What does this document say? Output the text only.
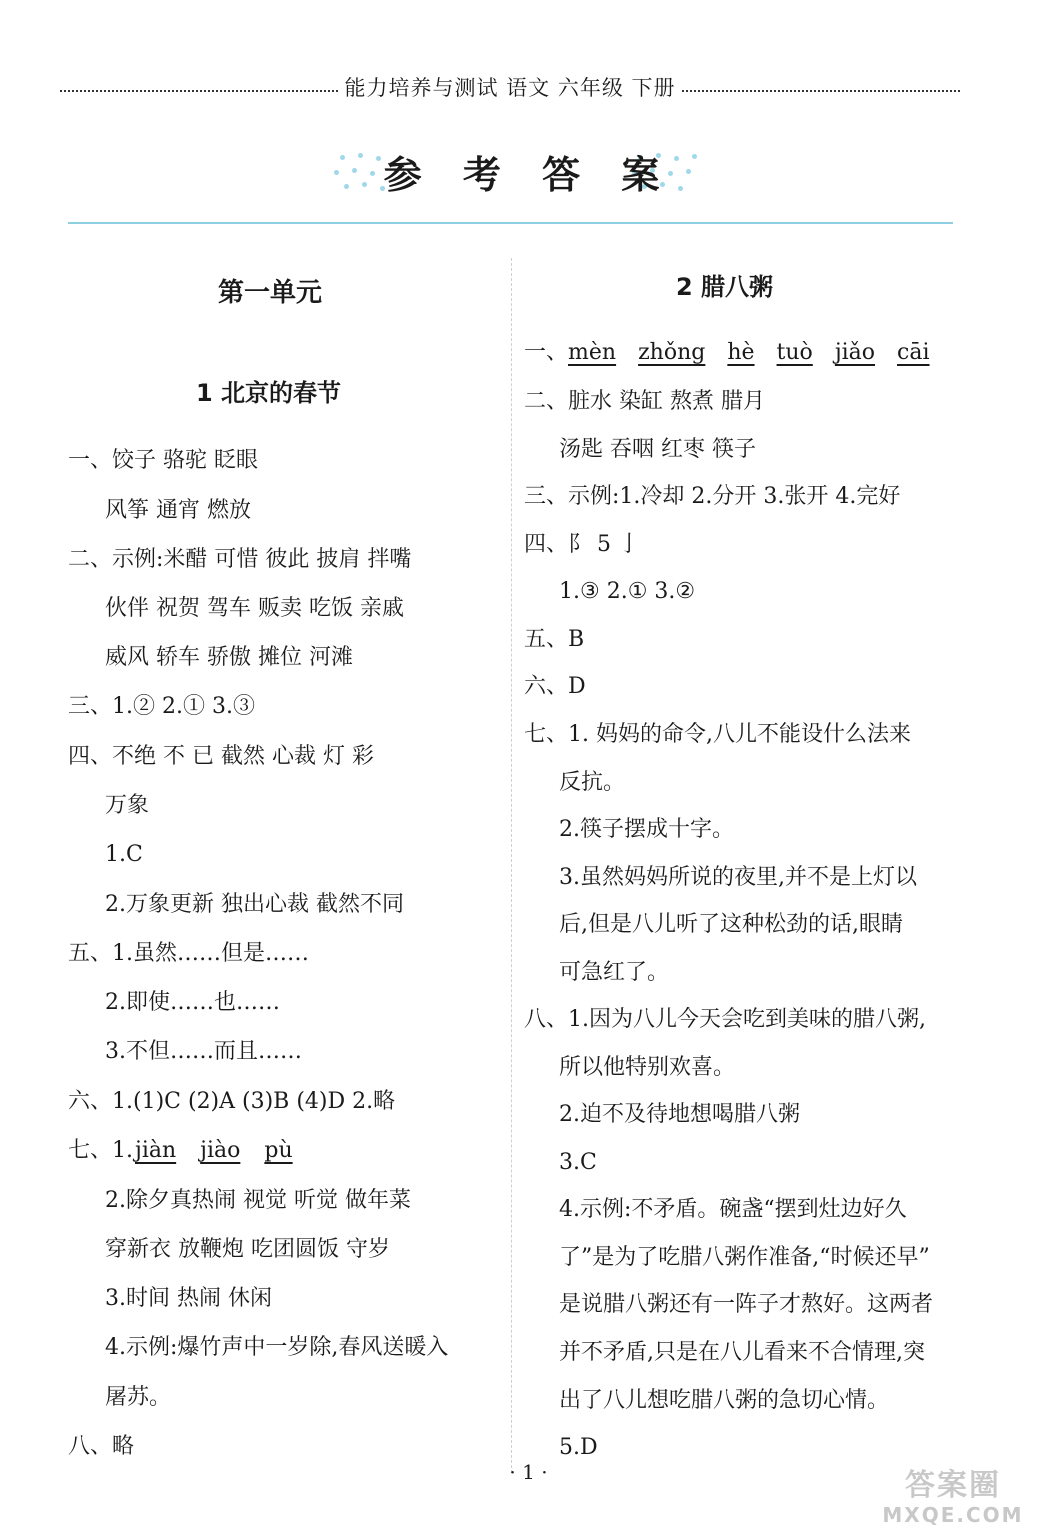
能力培养与测试 语文 六年级 下册
参 考 答 案
第一单元
1 北京的春节
一、饺子 骆驼 眨眼
风筝 通宵 燃放
二、示例:米醋 可惜 彼此 披肩 拌嘴
伙伴 祝贺 驾车 贩卖 吃饭 亲戚
威风 轿车 骄傲 摊位 河滩
三、1.② 2.① 3.③
四、不绝 不 已 截然 心裁 灯 彩
万象
1.C
2.万象更新 独出心裁 截然不同
五、1.虽然……但是……
2.即使……也……
3.不但……而且……
六、1.(1)C (2)A (3)B (4)D 2.略
七、1.jiàn jiào pù
2.除夕真热闹 视觉 听觉 做年菜
穿新衣 放鞭炮 吃团圆饭 守岁
3.时间 热闹 休闲
4.示例:爆竹声中一岁除,春风送暖入
屠苏。
八、略
2 腊八粥
一、mèn zhǒng hè tuò jiǎo cāi
二、脏水 染缸 熬煮 腊月
汤匙 吞咽 红枣 筷子
三、示例:1.冷却 2.分开 3.张开 4.完好
四、阝 5 亅
1.③ 2.① 3.②
五、B
六、D
七、1. 妈妈的命令,八儿不能设什么法来
反抗。
2.筷子摆成十字。
3.虽然妈妈所说的夜里,并不是上灯以
后,但是八儿听了这种松劲的话,眼睛
可急红了。
八、1.因为八儿今天会吃到美味的腊八粥,
所以他特别欢喜。
2.迫不及待地想喝腊八粥
3.C
4.示例:不矛盾。碗盏“摆到灶边好久
了”是为了吃腊八粥作准备,“时候还早”
是说腊八粥还有一阵子才熬好。这两者
并不矛盾,只是在八儿看来不合情理,突
出了八儿想吃腊八粥的急切心情。
5.D
· 1 ·	答案圈
MXQE.COM
